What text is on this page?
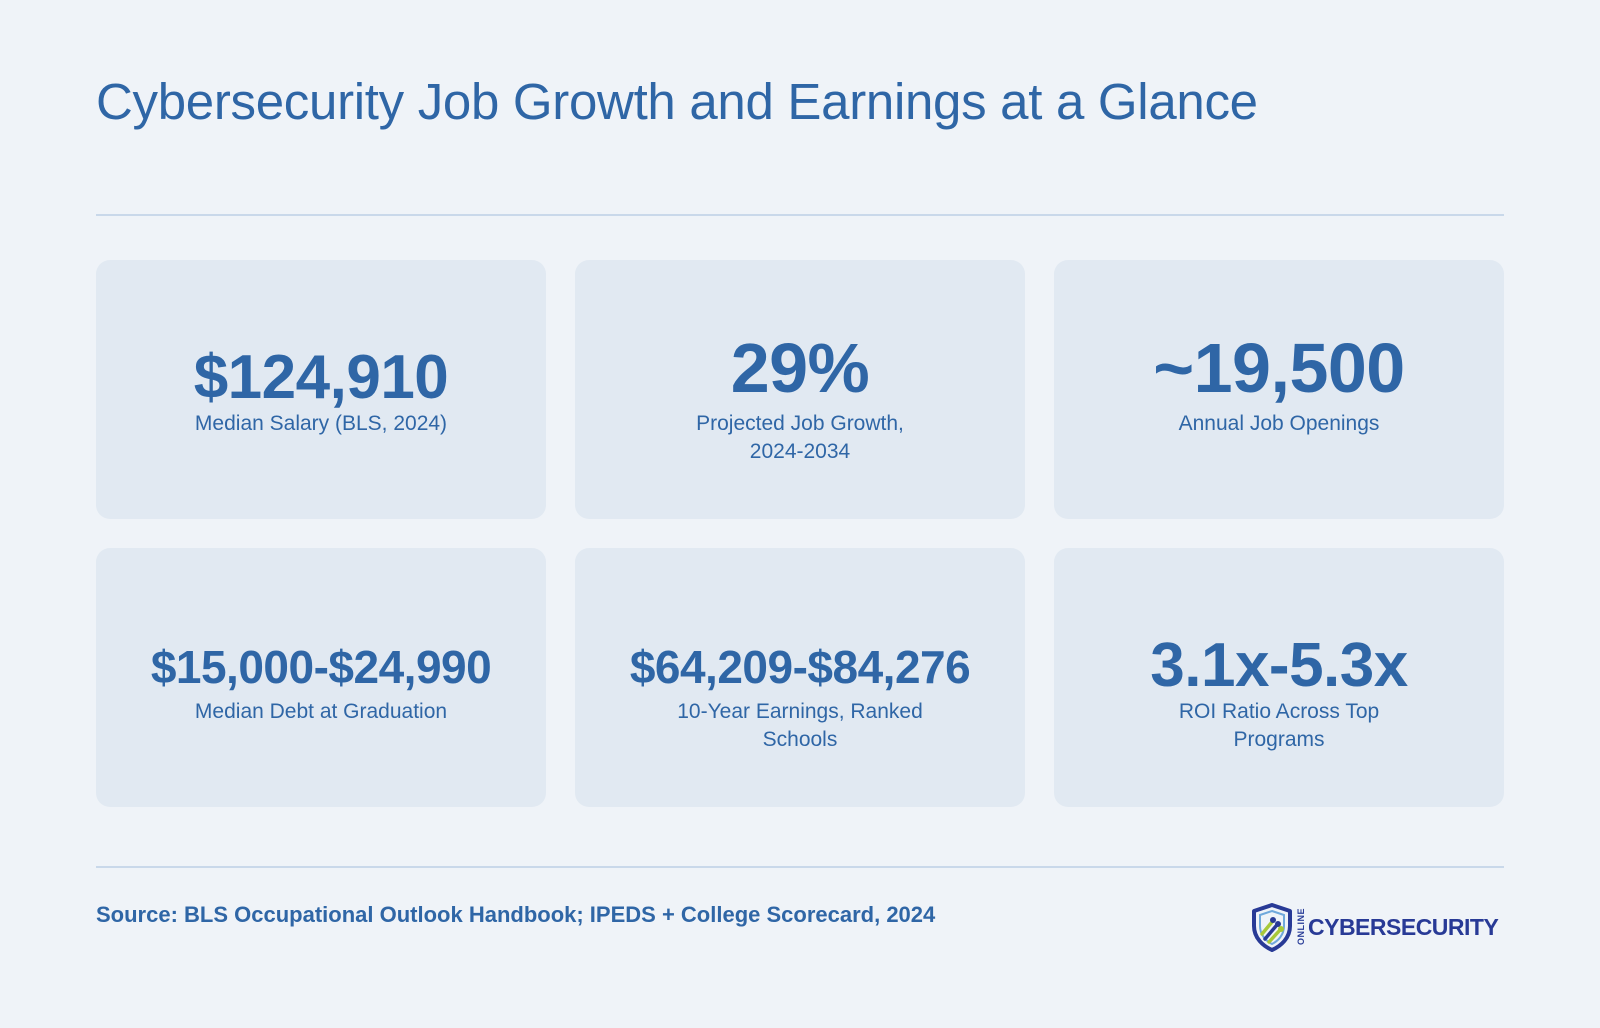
Cybersecurity Job Growth and Earnings at a Glance
$124,910
Median Salary (BLS, 2024)
29%
Projected Job Growth, 2024-2034
~19,500
Annual Job Openings
$15,000-$24,990
Median Debt at Graduation
$64,209-$84,276
10-Year Earnings, Ranked Schools
3.1x-5.3x
ROI Ratio Across Top Programs
Source: BLS Occupational Outlook Handbook; IPEDS + College Scorecard, 2024	ONLINE CYBERSECURITY
